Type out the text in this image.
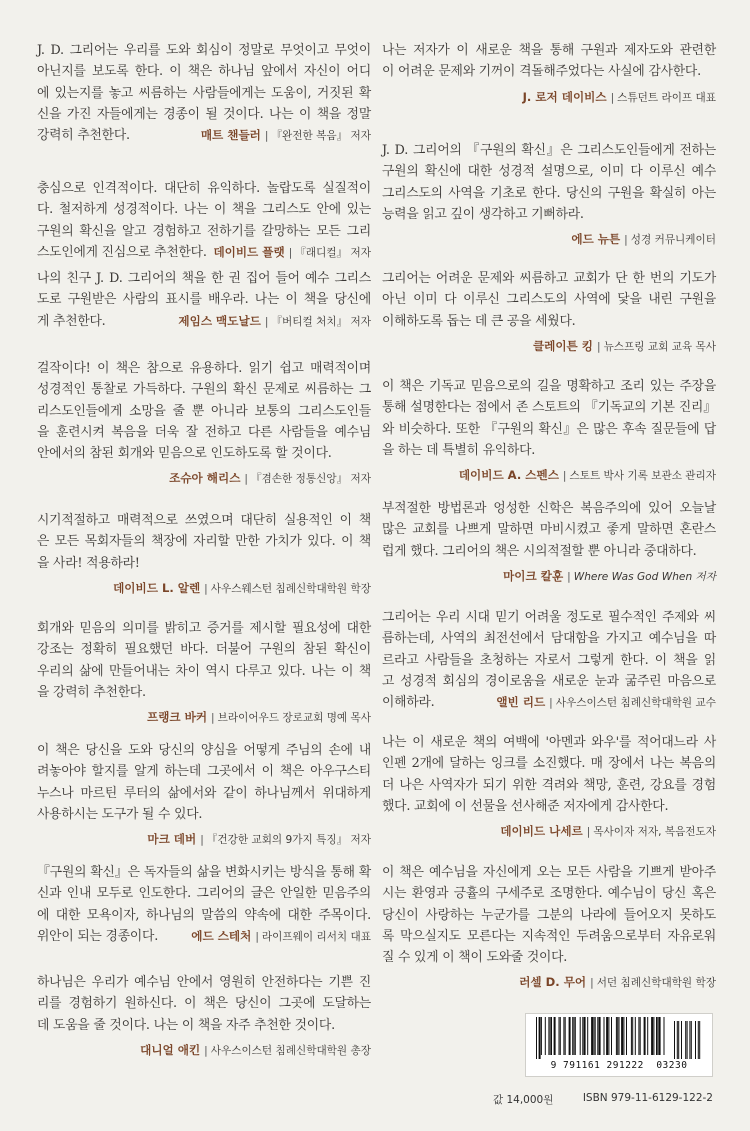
J. D. 그리어는 우리를 도와 회심이 정말로 무엇이고 무엇이
아닌지를 보도록 한다. 이 책은 하나님 앞에서 자신이 어디
에 있는지를 놓고 씨름하는 사람들에게는 도움이, 거짓된 확
신을 가진 자들에게는 경종이 될 것이다. 나는 이 책을 정말
강력히 추천한다.	매트 챈들러 | 『완전한 복음』 저자
충심으로 인격적이다. 대단히 유익하다. 놀랍도록 실질적이
다. 철저하게 성경적이다. 나는 이 책을 그리스도 안에 있는
구원의 확신을 알고 경험하고 전하기를 갈망하는 모든 그리
스도인에게 진심으로 추천한다. 데이비드 플랫 | 『래디컬』 저자
나의 친구 J. D. 그리어의 책을 한 권 집어 들어 예수 그리스
도로 구원받은 사람의 표시를 배우라. 나는 이 책을 당신에
게 추천한다.	제임스 맥도날드 | 『버티컬 처치』 저자
걸작이다! 이 책은 참으로 유용하다. 읽기 쉽고 매력적이며
성경적인 통찰로 가득하다. 구원의 확신 문제로 씨름하는 그
리스도인들에게 소망을 줄 뿐 아니라 보통의 그리스도인들
을 훈련시켜 복음을 더욱 잘 전하고 다른 사람들을 예수님
안에서의 참된 회개와 믿음으로 인도하도록 할 것이다.
조슈아 해리스 | 『겸손한 정통신앙』 저자
시기적절하고 매력적으로 쓰였으며 대단히 실용적인 이 책
은 모든 목회자들의 책장에 자리할 만한 가치가 있다. 이 책
을 사라! 적용하라!
데이비드 L. 알렌 | 사우스웨스턴 침례신학대학원 학장
회개와 믿음의 의미를 밝히고 증거를 제시할 필요성에 대한
강조는 정확히 필요했던 바다. 더불어 구원의 참된 확신이
우리의 삶에 만들어내는 차이 역시 다루고 있다. 나는 이 책
을 강력히 추천한다.
프랭크 바커 | 브라이어우드 장로교회 명예 목사
이 책은 당신을 도와 당신의 양심을 어떻게 주님의 손에 내
려놓아야 할지를 알게 하는데 그곳에서 이 책은 아우구스티
누스나 마르틴 루터의 삶에서와 같이 하나님께서 위대하게
사용하시는 도구가 될 수 있다.
마크 데버 | 『건강한 교회의 9가지 특징』 저자
『구원의 확신』은 독자들의 삶을 변화시키는 방식을 통해 확
신과 인내 모두로 인도한다. 그리어의 글은 안일한 믿음주의
에 대한 모욕이자, 하나님의 말씀의 약속에 대한 주목이다.
위안이 되는 경종이다.	에드 스테처 | 라이프웨이 리서치 대표
하나님은 우리가 예수님 안에서 영원히 안전하다는 기쁜 진
리를 경험하기 원하신다. 이 책은 당신이 그곳에 도달하는
데 도움을 줄 것이다. 나는 이 책을 자주 추천한 것이다.
대니얼 애킨 | 사우스이스턴 침례신학대학원 총장
나는 저자가 이 새로운 책을 통해 구원과 제자도와 관련한
이 어려운 문제와 기꺼이 격돌해주었다는 사실에 감사한다.
J. 로저 데이비스 | 스튜던트 라이프 대표
J. D. 그리어의 『구원의 확신』은 그리스도인들에게 전하는
구원의 확신에 대한 성경적 설명으로, 이미 다 이루신 예수
그리스도의 사역을 기초로 한다. 당신의 구원을 확실히 아는
능력을 읽고 깊이 생각하고 기뻐하라.
에드 뉴튼 | 성경 커뮤니케이터
그리어는 어려운 문제와 씨름하고 교회가 단 한 번의 기도가
아닌 이미 다 이루신 그리스도의 사역에 닻을 내린 구원을
이해하도록 돕는 데 큰 공을 세웠다.
클레이튼 킹 | 뉴스프링 교회 교육 목사
이 책은 기독교 믿음으로의 길을 명확하고 조리 있는 주장을
통해 설명한다는 점에서 존 스토트의 『기독교의 기본 진리』
와 비슷하다. 또한 『구원의 확신』은 많은 후속 질문들에 답
을 하는 데 특별히 유익하다.
데이비드 A. 스펜스 | 스토트 박사 기록 보관소 관리자
부적절한 방법론과 엉성한 신학은 복음주의에 있어 오늘날
많은 교회를 나쁘게 말하면 마비시켰고 좋게 말하면 혼란스
럽게 했다. 그리어의 책은 시의적절할 뿐 아니라 중대하다.
마이크 칼훈 | Where Was God When 저자
그리어는 우리 시대 믿기 어려울 정도로 필수적인 주제와 씨
름하는데, 사역의 최전선에서 담대함을 가지고 예수님을 따
르라고 사람들을 초청하는 자로서 그렇게 한다. 이 책을 읽
고 성경적 회심의 경이로움을 새로운 눈과 굶주린 마음으로
이해하라.	앨빈 리드 | 사우스이스턴 침례신학대학원 교수
나는 이 새로운 책의 여백에 '아멘과 와우'를 적어대느라 사
인펜 2개에 달하는 잉크를 소진했다. 매 장에서 나는 복음의
더 나은 사역자가 되기 위한 격려와 책망, 훈련, 강요를 경험
했다. 교회에 이 선물을 선사해준 저자에게 감사한다.
데이비드 나세르 | 목사이자 저자, 복음전도자
이 책은 예수님을 자신에게 오는 모든 사람을 기쁘게 받아주
시는 환영과 긍휼의 구세주로 조명한다. 예수님이 당신 혹은
당신이 사랑하는 누군가를 그분의 나라에 들어오지 못하도
록 막으실지도 모른다는 지속적인 두려움으로부터 자유로워
질 수 있게 이 책이 도와줄 것이다.
러셀 D. 무어 | 서던 침례신학대학원 학장
9 791161 291222 03230
값 14,000원	ISBN 979-11-6129-122-2
